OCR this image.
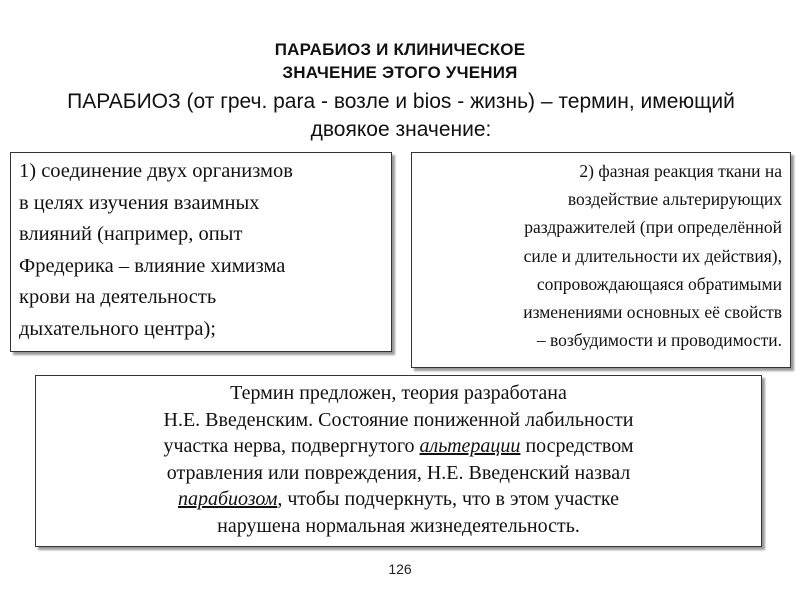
ПАРАБИОЗ И КЛИНИЧЕСКОЕ
ЗНАЧЕНИЕ ЭТОГО УЧЕНИЯ
ПАРАБИОЗ (от греч. para - возле и bios - жизнь) – термин, имеющий
двоякое значение:
1) соединение двух организмов
в целях изучения взаимных
влияний (например, опыт
Фредерика – влияние химизма
крови на деятельность
дыхательного центра);
2) фазная реакция ткани на
воздействие альтерирующих
раздражителей (при определённой
силе и длительности их действия),
сопровождающаяся обратимыми
изменениями основных её свойств
– возбудимости и проводимости.
Термин предложен, теория разработана
Н.Е. Введенским. Состояние пониженной лабильности
участка нерва, подвергнутого альтерации посредством
отравления или повреждения, Н.Е. Введенский назвал
парабиозом, чтобы подчеркнуть, что в этом участке
нарушена нормальная жизнедеятельность.
126
